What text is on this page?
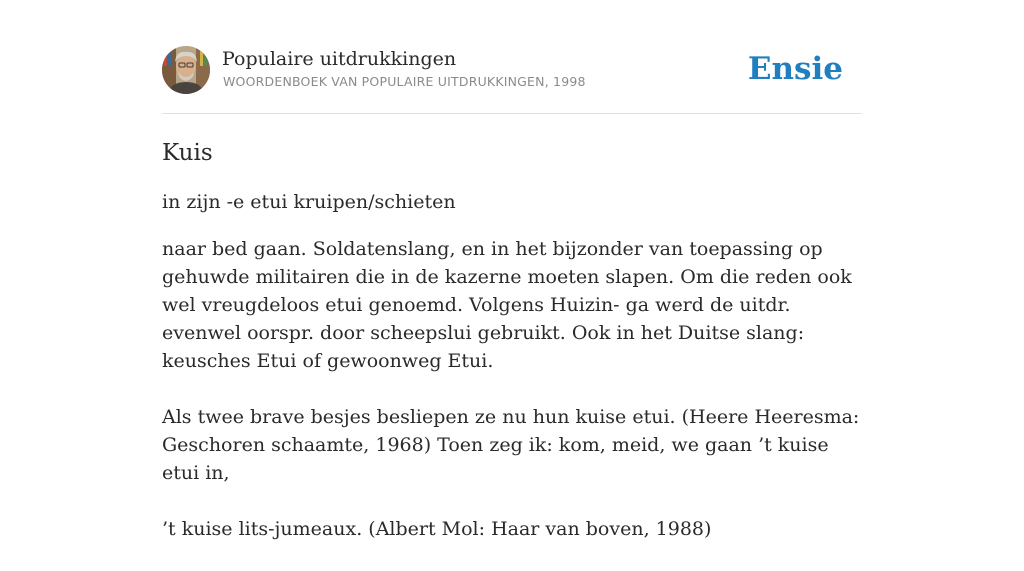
Populaire uitdrukkingen
WOORDENBOEK VAN POPULAIRE UITDRUKKINGEN, 1998	Ensie
Kuis
in zijn -e etui kruipen/schieten

naar bed gaan. Soldatenslang, en in het bijzonder van toepassing op gehuwde militairen die in de kazerne moeten slapen. Om die reden ook wel vreugdeloos etui genoemd. Volgens Huizin- ga werd de uitdr. evenwel oorspr. door scheepslui gebruikt. Ook in het Duitse slang: keusches Etui of gewoonweg Etui.

Als twee brave besjes besliepen ze nu hun kuise etui. (Heere Heeresma: Geschoren schaamte, 1968) Toen zeg ik: kom, meid, we gaan ’t kuise etui in,

’t kuise lits-jumeaux. (Albert Mol: Haar van boven, 1988)
